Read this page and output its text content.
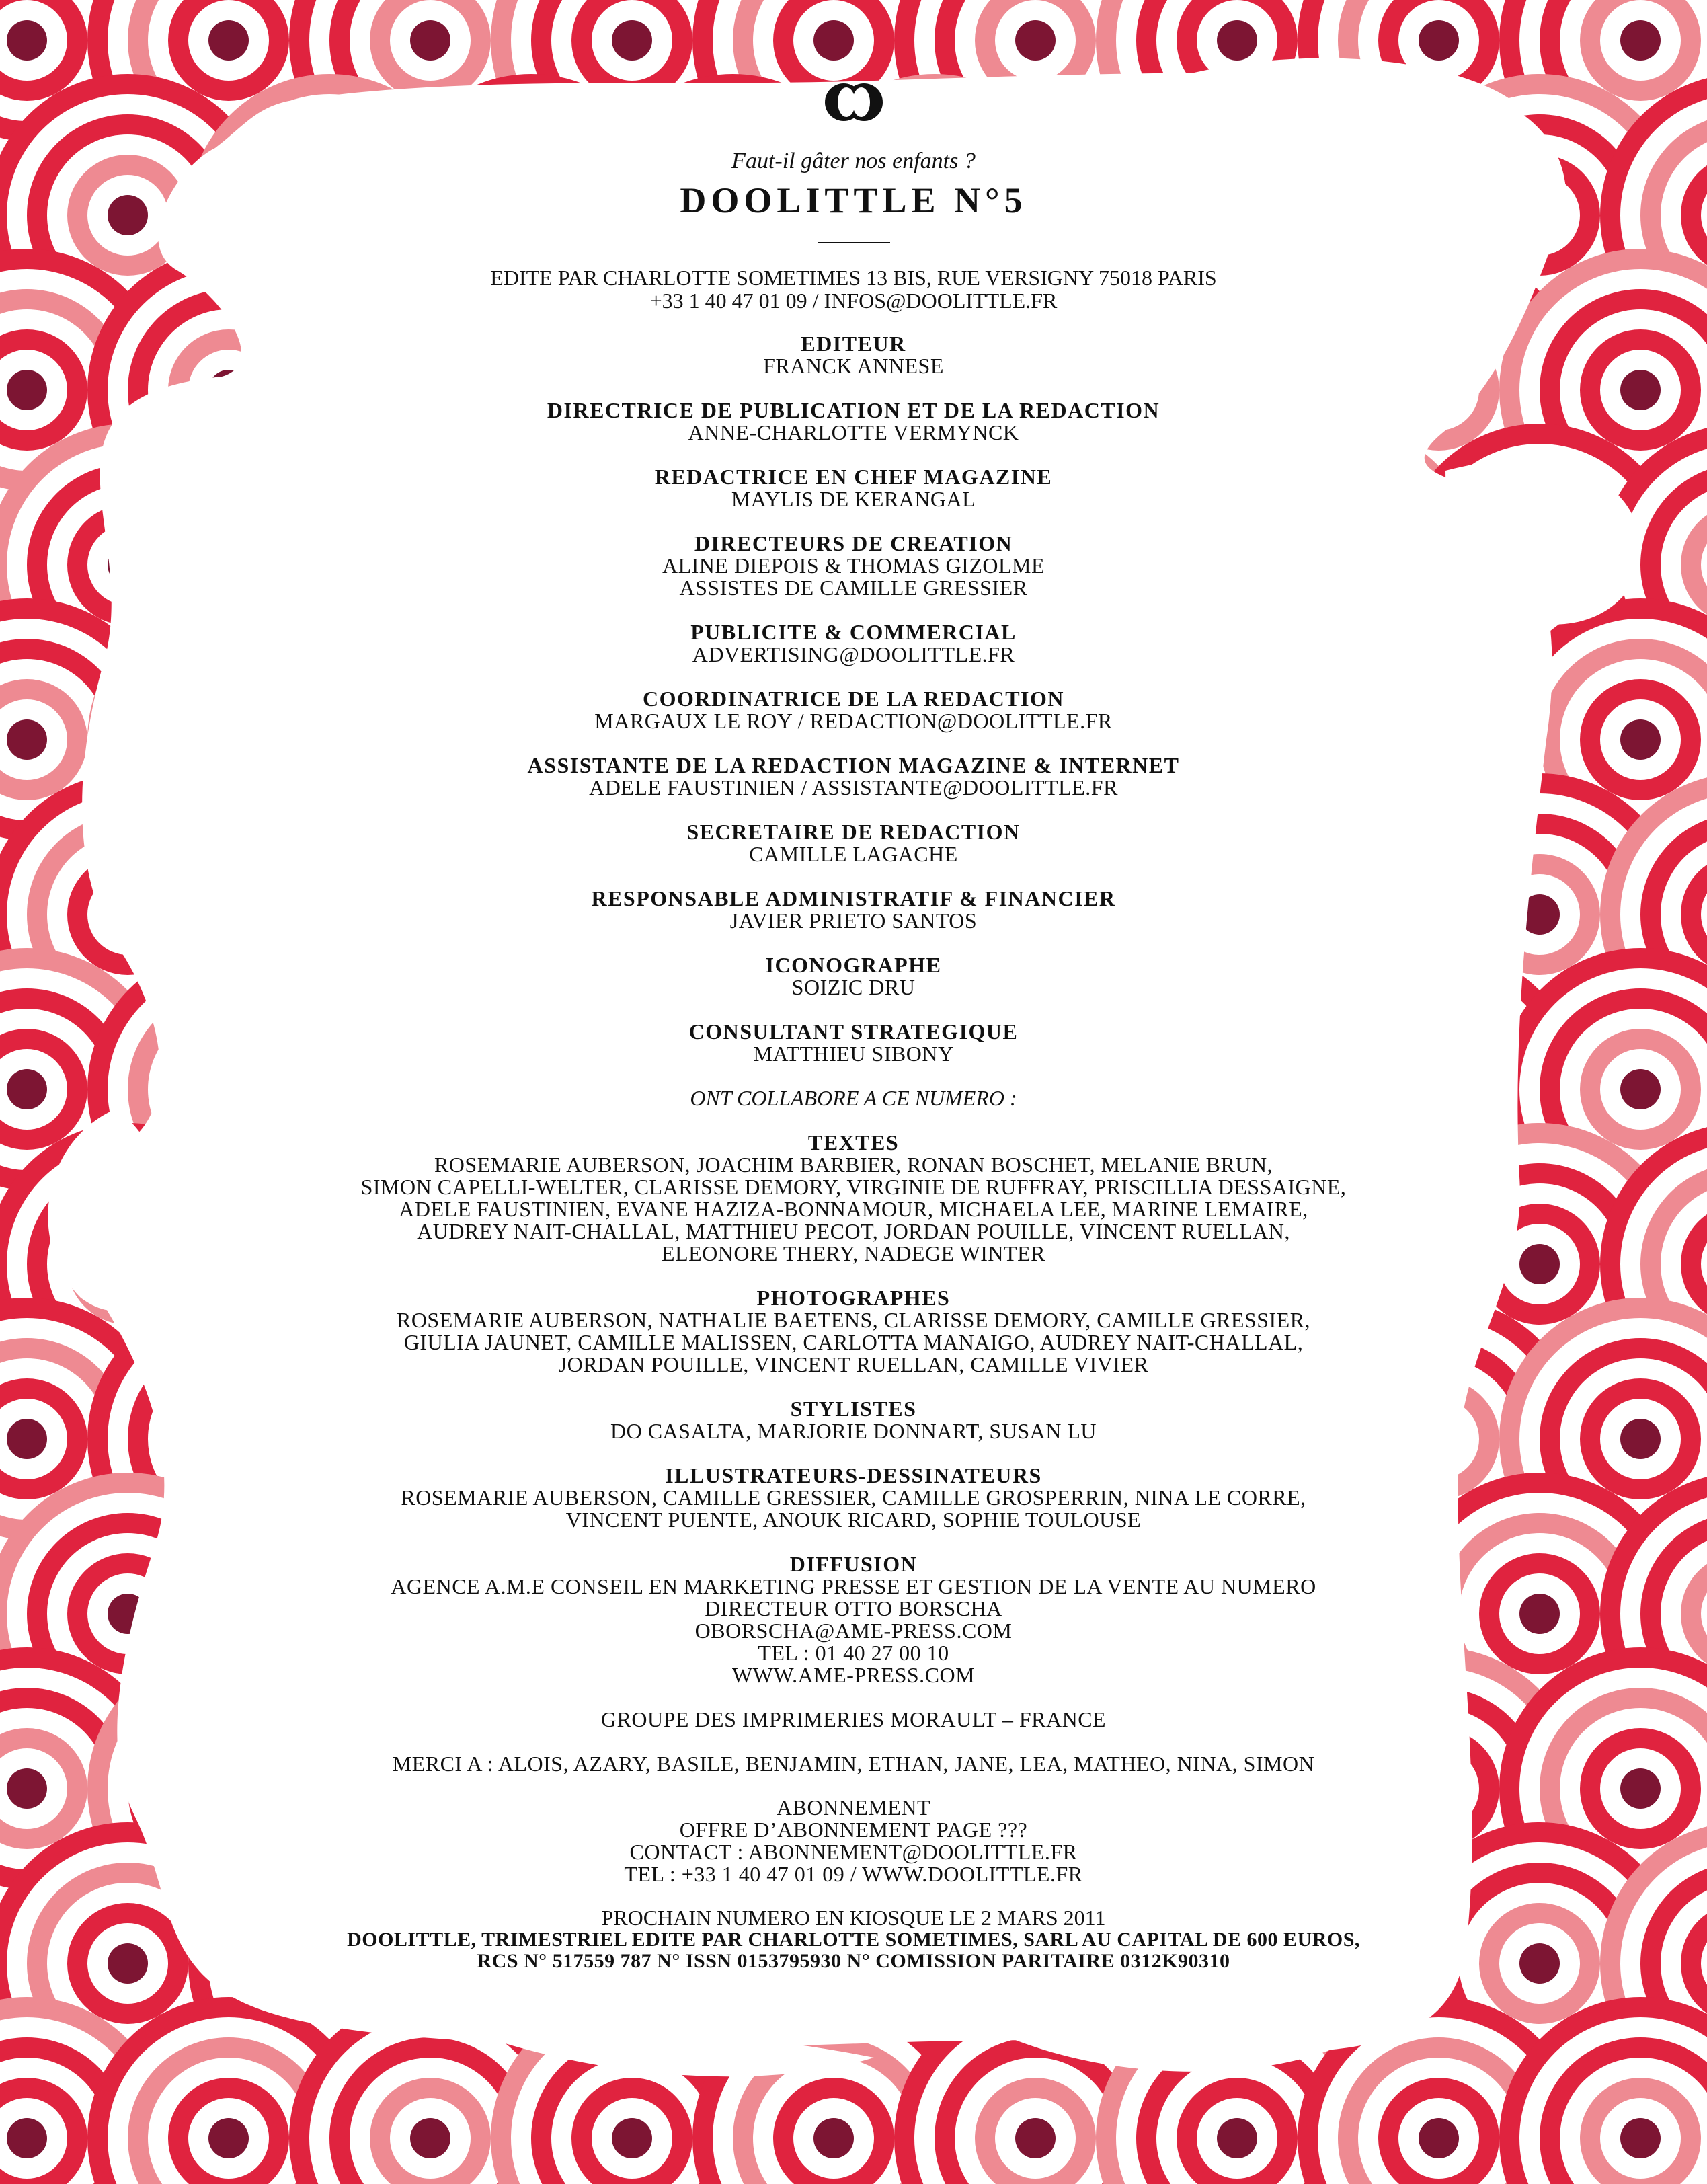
Faut-il gâter nos enfants ?
DOOLITTLE N°5
EDITE PAR CHARLOTTE SOMETIMES 13 BIS, RUE VERSIGNY 75018 PARIS
+33 1 40 47 01 09 / INFOS@DOOLITTLE.FR
EDITEUR
FRANCK ANNESE
DIRECTRICE DE PUBLICATION ET DE LA REDACTION
ANNE-CHARLOTTE VERMYNCK
REDACTRICE EN CHEF MAGAZINE
MAYLIS DE KERANGAL
DIRECTEURS DE CREATION
ALINE DIEPOIS & THOMAS GIZOLME
ASSISTES DE CAMILLE GRESSIER
PUBLICITE & COMMERCIAL
ADVERTISING@DOOLITTLE.FR
COORDINATRICE DE LA REDACTION
MARGAUX LE ROY / REDACTION@DOOLITTLE.FR
ASSISTANTE DE LA REDACTION MAGAZINE & INTERNET
ADELE FAUSTINIEN / ASSISTANTE@DOOLITTLE.FR
SECRETAIRE DE REDACTION
CAMILLE LAGACHE
RESPONSABLE ADMINISTRATIF & FINANCIER
JAVIER PRIETO SANTOS
ICONOGRAPHE
SOIZIC DRU
CONSULTANT STRATEGIQUE
MATTHIEU SIBONY
ONT COLLABORE A CE NUMERO :
TEXTES
ROSEMARIE AUBERSON, JOACHIM BARBIER, RONAN BOSCHET, MELANIE BRUN,
SIMON CAPELLI-WELTER, CLARISSE DEMORY, VIRGINIE DE RUFFRAY, PRISCILLIA DESSAIGNE,
ADELE FAUSTINIEN, EVANE HAZIZA-BONNAMOUR, MICHAELA LEE, MARINE LEMAIRE,
AUDREY NAIT-CHALLAL, MATTHIEU PECOT, JORDAN POUILLE, VINCENT RUELLAN,
ELEONORE THERY, NADEGE WINTER
PHOTOGRAPHES
ROSEMARIE AUBERSON, NATHALIE BAETENS, CLARISSE DEMORY, CAMILLE GRESSIER,
GIULIA JAUNET, CAMILLE MALISSEN, CARLOTTA MANAIGO, AUDREY NAIT-CHALLAL,
JORDAN POUILLE, VINCENT RUELLAN, CAMILLE VIVIER
STYLISTES
DO CASALTA, MARJORIE DONNART, SUSAN LU
ILLUSTRATEURS-DESSINATEURS
ROSEMARIE AUBERSON, CAMILLE GRESSIER, CAMILLE GROSPERRIN, NINA LE CORRE,
VINCENT PUENTE, ANOUK RICARD, SOPHIE TOULOUSE
DIFFUSION
AGENCE A.M.E CONSEIL EN MARKETING PRESSE ET GESTION DE LA VENTE AU NUMERO
DIRECTEUR OTTO BORSCHA
OBORSCHA@AME-PRESS.COM
TEL : 01 40 27 00 10
WWW.AME-PRESS.COM
GROUPE DES IMPRIMERIES MORAULT – FRANCE
MERCI A : ALOIS, AZARY, BASILE, BENJAMIN, ETHAN, JANE, LEA, MATHEO, NINA, SIMON
ABONNEMENT
OFFRE D’ABONNEMENT PAGE ???
CONTACT : ABONNEMENT@DOOLITTLE.FR
TEL : +33 1 40 47 01 09 / WWW.DOOLITTLE.FR
PROCHAIN NUMERO EN KIOSQUE LE 2 MARS 2011
DOOLITTLE, TRIMESTRIEL EDITE PAR CHARLOTTE SOMETIMES, SARL AU CAPITAL DE 600 EUROS,
RCS N° 517559 787 N° ISSN 0153795930 N° COMISSION PARITAIRE 0312K90310
